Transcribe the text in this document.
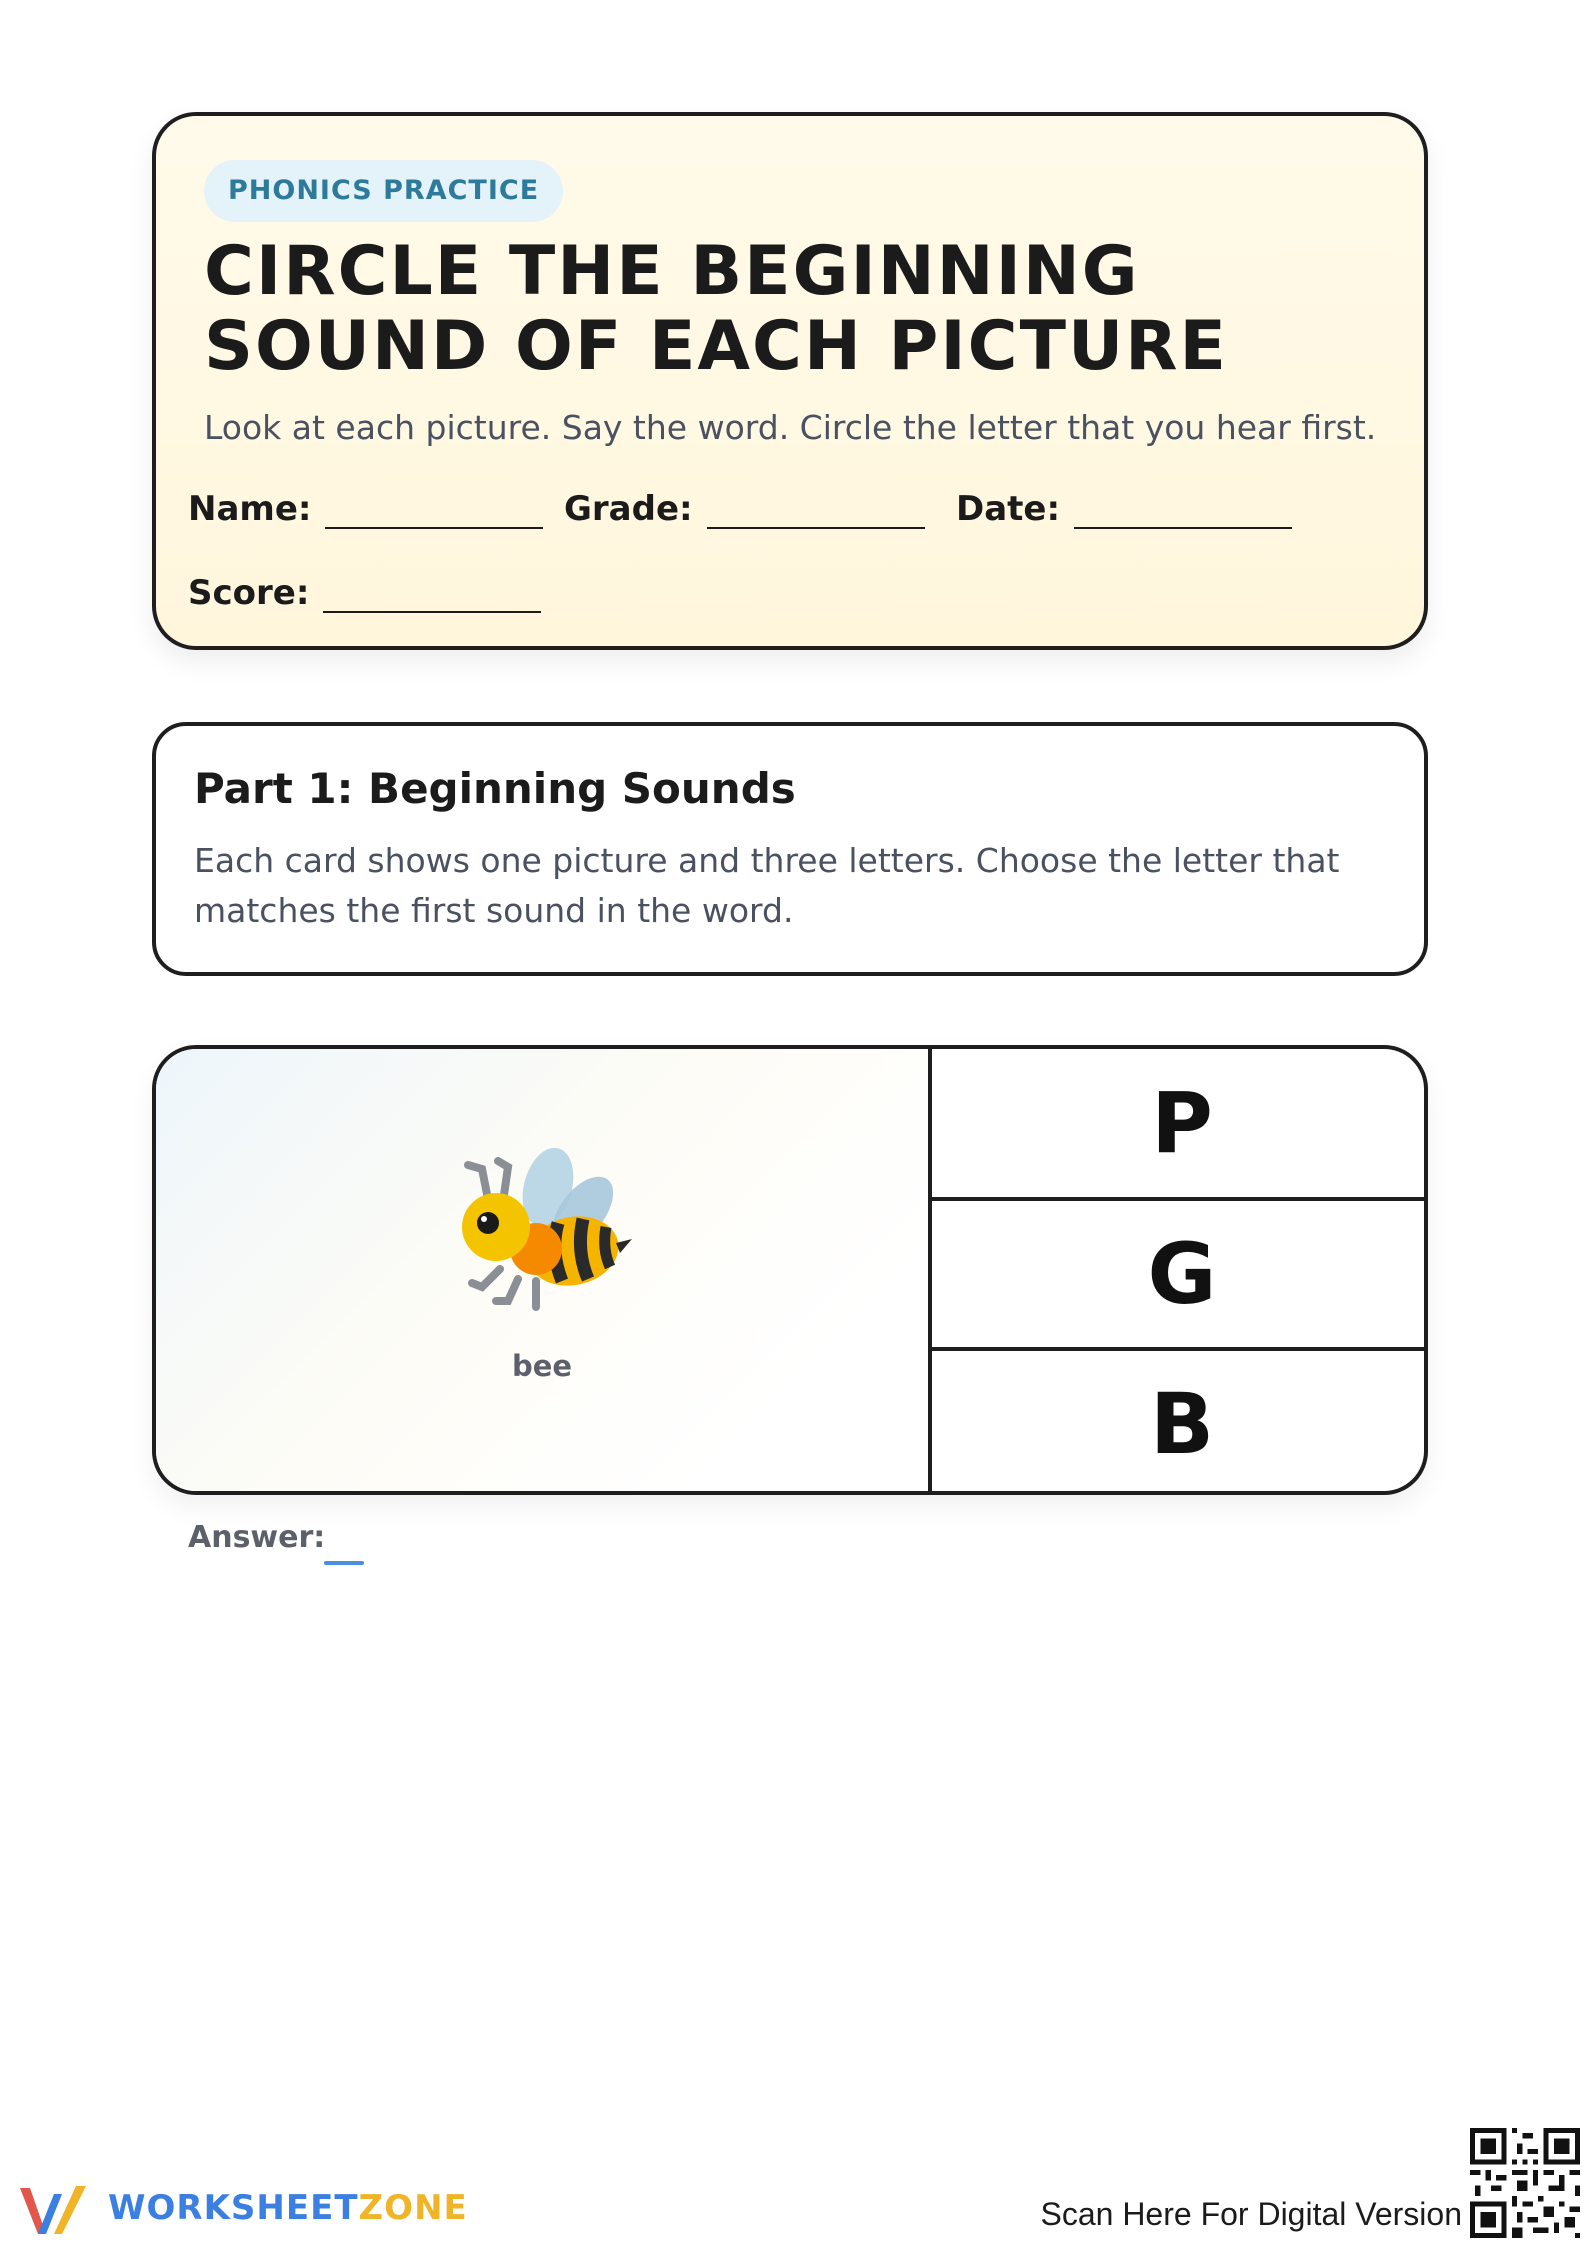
PHONICS PRACTICE
CIRCLE THE BEGINNING SOUND OF EACH PICTURE
Look at each picture. Say the word. Circle the letter that you hear first.
Name:	Grade:	Date:
Score:
Part 1: Beginning Sounds

Each card shows one picture and three letters. Choose the letter that matches the first sound in the word.

bee
P
G
B
Answer:
WORKSHEETZONE	Scan Here For Digital Version
